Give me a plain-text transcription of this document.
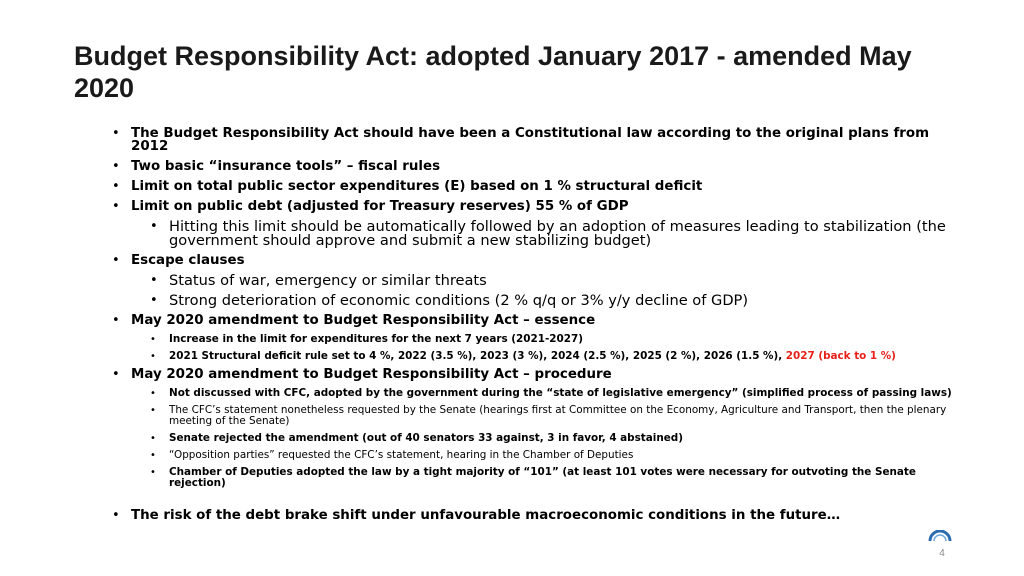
Budget Responsibility Act: adopted January 2017 - amended May 2020
• The Budget Responsibility Act should have been a Constitutional law according to the original plans from 2012
• Two basic “insurance tools” – fiscal rules
• Limit on total public sector expenditures (E) based on 1 % structural deficit
• Limit on public debt (adjusted for Treasury reserves) 55 % of GDP
• Hitting this limit should be automatically followed by an adoption of measures leading to stabilization (the government should approve and submit a new stabilizing budget)
• Escape clauses
• Status of war, emergency or similar threats
• Strong deterioration of economic conditions (2 % q/q or 3% y/y decline of GDP)
• May 2020 amendment to Budget Responsibility Act – essence
• Increase in the limit for expenditures for the next 7 years (2021-2027)
• 2021 Structural deficit rule set to 4 %, 2022 (3.5 %), 2023 (3 %), 2024 (2.5 %), 2025 (2 %), 2026 (1.5 %), 2027 (back to 1 %)
• May 2020 amendment to Budget Responsibility Act – procedure
• Not discussed with CFC, adopted by the government during the “state of legislative emergency” (simplified process of passing laws)
• The CFC’s statement nonetheless requested by the Senate (hearings first at Committee on the Economy, Agriculture and Transport, then the plenary meeting of the Senate)
• Senate rejected the amendment (out of 40 senators 33 against, 3 in favor, 4 abstained)
• “Opposition parties” requested the CFC’s statement, hearing in the Chamber of Deputies
• Chamber of Deputies adopted the law by a tight majority of “101” (at least 101 votes were necessary for outvoting the Senate rejection)
• The risk of the debt brake shift under unfavourable macroeconomic conditions in the future…
4
